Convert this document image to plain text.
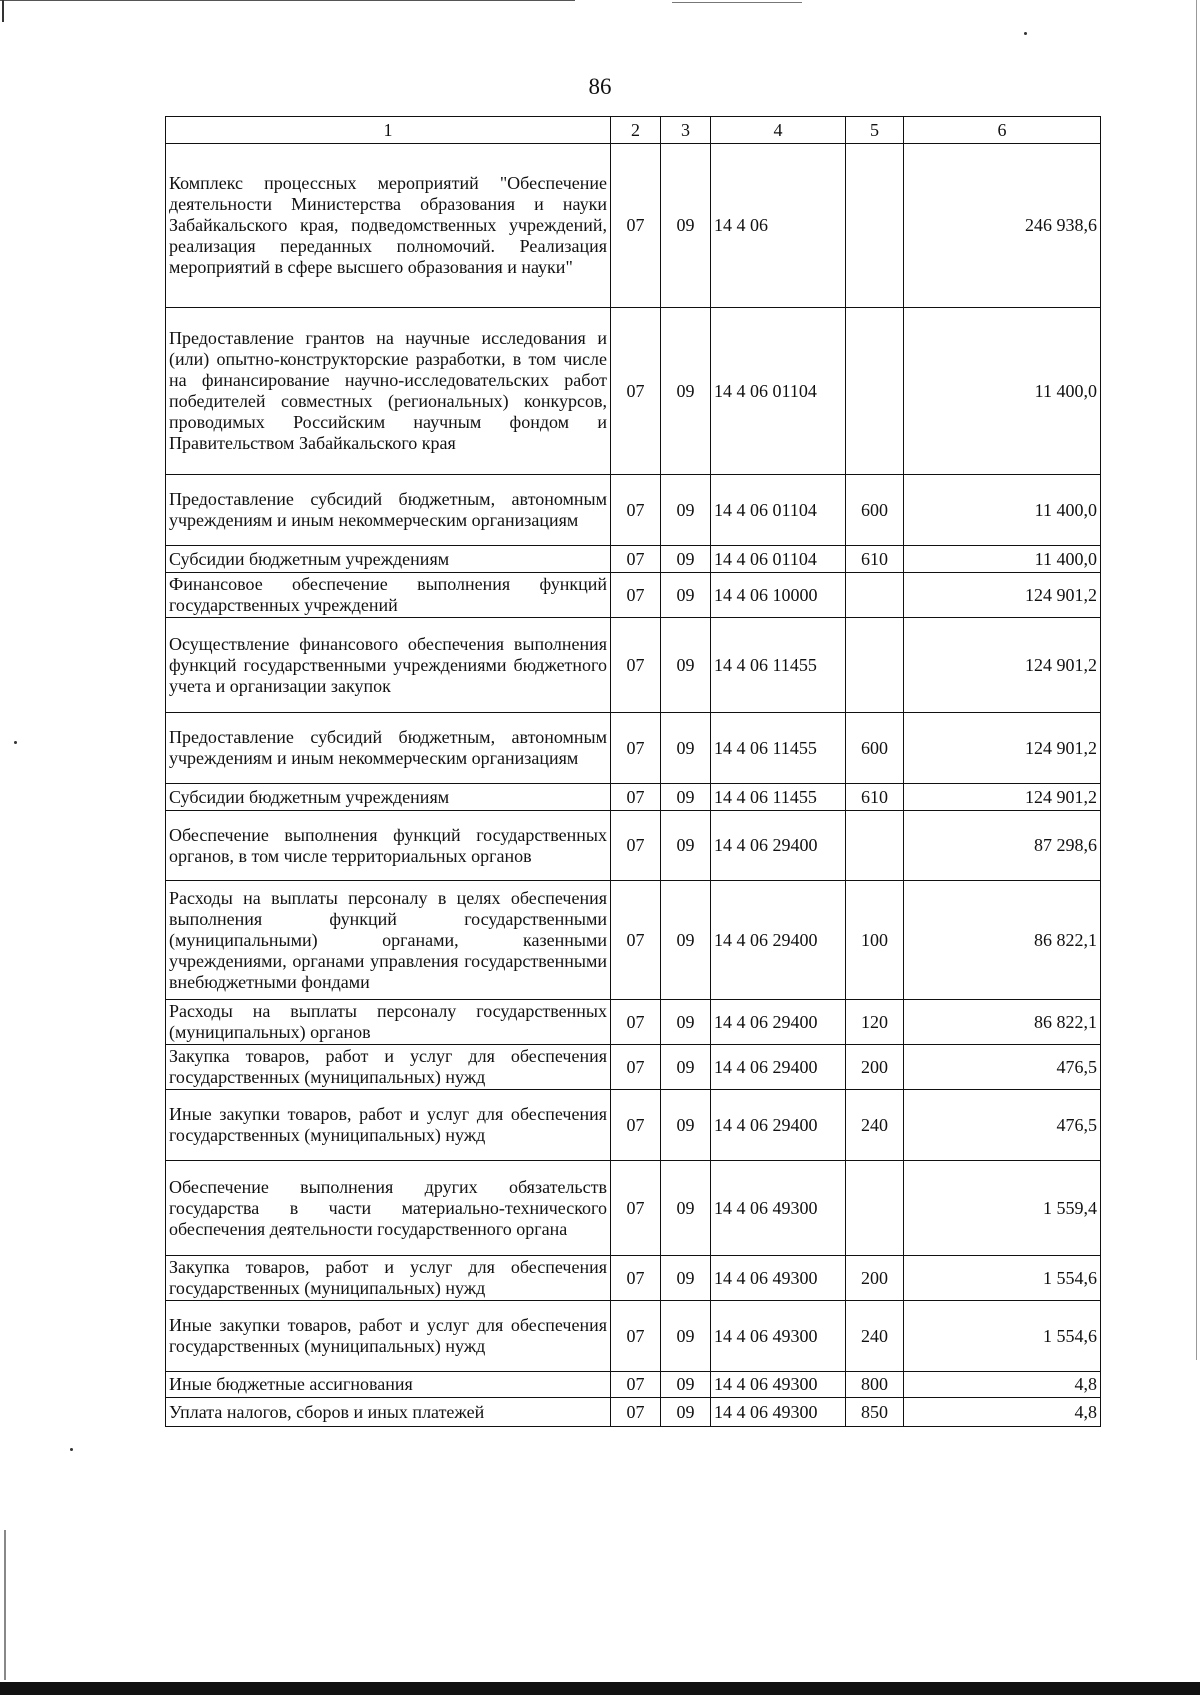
86
1	2	3	4	5	6
Комплекс процессных мероприятий "Обеспечение деятельности Министерства образования и науки Забайкальского края, подведомственных учреждений, реализация переданных полномочий. Реализация мероприятий в сфере высшего образования и науки"	07	09	14 4 06		246 938,6
Предоставление грантов на научные исследования и (или) опытно-конструкторские разработки, в том числе на финансирование научно-исследовательских работ победителей совместных (региональных) конкурсов, проводимых Российским научным фондом и Правительством Забайкальского края	07	09	14 4 06 01104		11 400,0
Предоставление субсидий бюджетным, автономным учреждениям и иным некоммерческим организациям	07	09	14 4 06 01104	600	11 400,0
Субсидии бюджетным учреждениям	07	09	14 4 06 01104	610	11 400,0
Финансовое обеспечение выполнения функций государственных учреждений	07	09	14 4 06 10000		124 901,2
Осуществление финансового обеспечения выполнения функций государственными учреждениями бюджетного учета и организации закупок	07	09	14 4 06 11455		124 901,2
Предоставление субсидий бюджетным, автономным учреждениям и иным некоммерческим организациям	07	09	14 4 06 11455	600	124 901,2
Субсидии бюджетным учреждениям	07	09	14 4 06 11455	610	124 901,2
Обеспечение выполнения функций государственных органов, в том числе территориальных органов	07	09	14 4 06 29400		87 298,6
Расходы на выплаты персоналу в целях обеспечения выполнения функций государственными (муниципальными) органами, казенными учреждениями, органами управления государственными внебюджетными фондами	07	09	14 4 06 29400	100	86 822,1
Расходы на выплаты персоналу государственных (муниципальных) органов	07	09	14 4 06 29400	120	86 822,1
Закупка товаров, работ и услуг для обеспечения государственных (муниципальных) нужд	07	09	14 4 06 29400	200	476,5
Иные закупки товаров, работ и услуг для обеспечения государственных (муниципальных) нужд	07	09	14 4 06 29400	240	476,5
Обеспечение выполнения других обязательств государства в части материально-технического обеспечения деятельности государственного органа	07	09	14 4 06 49300		1 559,4
Закупка товаров, работ и услуг для обеспечения государственных (муниципальных) нужд	07	09	14 4 06 49300	200	1 554,6
Иные закупки товаров, работ и услуг для обеспечения государственных (муниципальных) нужд	07	09	14 4 06 49300	240	1 554,6
Иные бюджетные ассигнования	07	09	14 4 06 49300	800	4,8
Уплата налогов, сборов и иных платежей	07	09	14 4 06 49300	850	4,8
